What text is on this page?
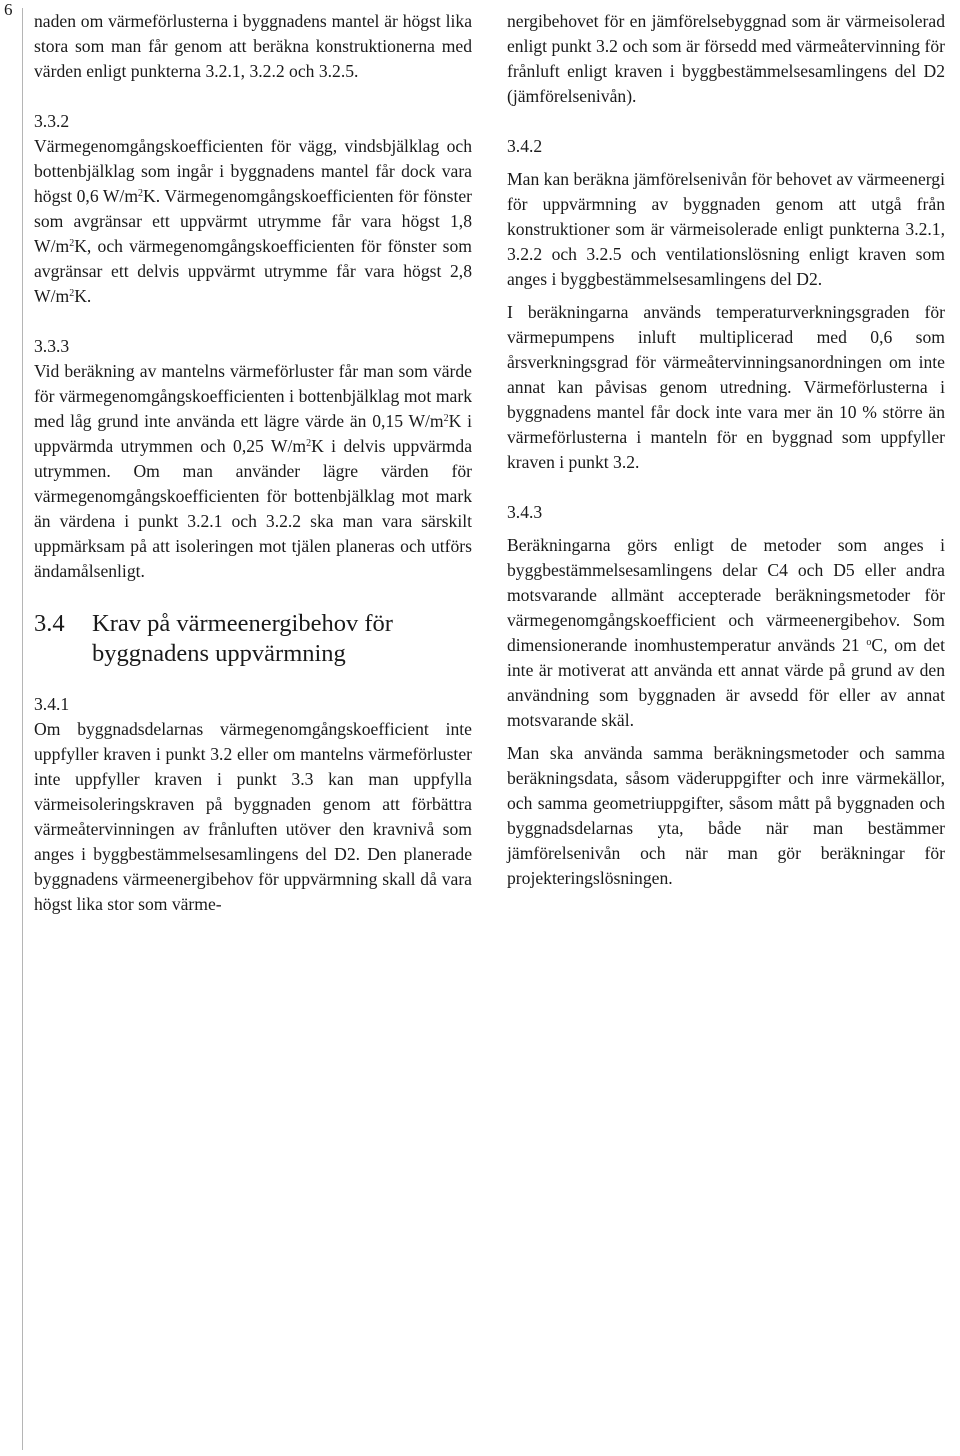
6

naden om värmeförlusterna i byggnadens mantel är högst lika stora som man får genom att beräkna konstruktionerna med värden enligt punkterna 3.2.1, 3.2.2 och 3.2.5.

3.3.2

Värmegenomgångskoefficienten för vägg, vindsbjälklag och bottenbjälklag som ingår i byggnadens mantel får dock vara högst 0,6 $W/m^2K$. Värmegenomgångskoefficienten för fönster som avgränsar ett uppvärmt utrymme får vara högst 1,8 $W/m^2K$, och värmegenomgångskoefficienten för fönster som avgränsar ett delvis uppvärmt utrymme får vara högst 2,8 $W/m^2K$.

3.3.3

Vid beräkning av mantelns värmeförluster får man som värde för värmegenomgångskoefficienten i bottenbjälklag mot mark med låg grund inte använda ett lägre värde än 0,15 $W/m^2K$ i uppvärmda utrymmen och 0,25 $W/m^2K$ i delvis uppvärmda utrymmen. Om man använder lägre värden för värmegenomgångskoefficienten för bottenbjälklag mot mark än värdena i punkt 3.2.1 och 3.2.2 ska man vara särskilt uppmärksam på att isoleringen mot tjälen planeras och utförs ändamålsenligt.

3.4	Krav på värmeenergibehov för byggnadens uppvärmning

3.4.1

Om byggnadsdelarnas värmegenomgångskoefficient inte uppfyller kraven i punkt 3.2 eller om mantelns värmeförluster inte uppfyller kraven i punkt 3.3 kan man uppfylla värmeisoleringskraven på byggnaden genom att förbättra värmeåtervinningen av frånluften utöver den kravnivå som anges i byggbestämmelsesamlingens del D2. Den planerade byggnadens värmeenergibehov för uppvärmning skall då vara högst lika stor som värme-

nergibehovet för en jämförelsebyggnad som är värmeisolerad enligt punkt 3.2 och som är försedd med värmeåtervinning för frånluft enligt kraven i byggbestämmelsesamlingens del D2 (jämförelsenivån).

3.4.2

Man kan beräkna jämförelsenivån för behovet av värmeenergi för uppvärmning av byggnaden genom att utgå från konstruktioner som är värmeisolerade enligt punkterna 3.2.1, 3.2.2 och 3.2.5 och ventilationslösning enligt kraven som anges i byggbestämmelsesamlingens del D2.

I beräkningarna används temperaturverkningsgraden för värmepumpens inluft multiplicerad med 0,6 som årsverkningsgrad för värmeåtervinningsanordningen om inte annat kan påvisas genom utredning. Värmeförlusterna i byggnadens mantel får dock inte vara mer än 10 % större än värmeförlusterna i manteln för en byggnad som uppfyller kraven i punkt 3.2.

3.4.3

Beräkningarna görs enligt de metoder som anges i byggbestämmelsesamlingens delar C4 och D5 eller andra motsvarande allmänt accepterade beräkningsmetoder för värmegenomgångskoefficient och värmeenergibehov. Som dimensionerande inomhustemperatur används 21 $^o$C, om det inte är motiverat att använda ett annat värde på grund av den användning som byggnaden är avsedd för eller av annat motsvarande skäl.

Man ska använda samma beräkningsmetoder och samma beräkningsdata, såsom väderuppgifter och inre värmekällor, och samma geometriuppgifter, såsom mått på byggnaden och byggnadsdelarnas yta, både när man bestämmer jämförelsenivån och när man gör beräkningar för projekteringslösningen.
